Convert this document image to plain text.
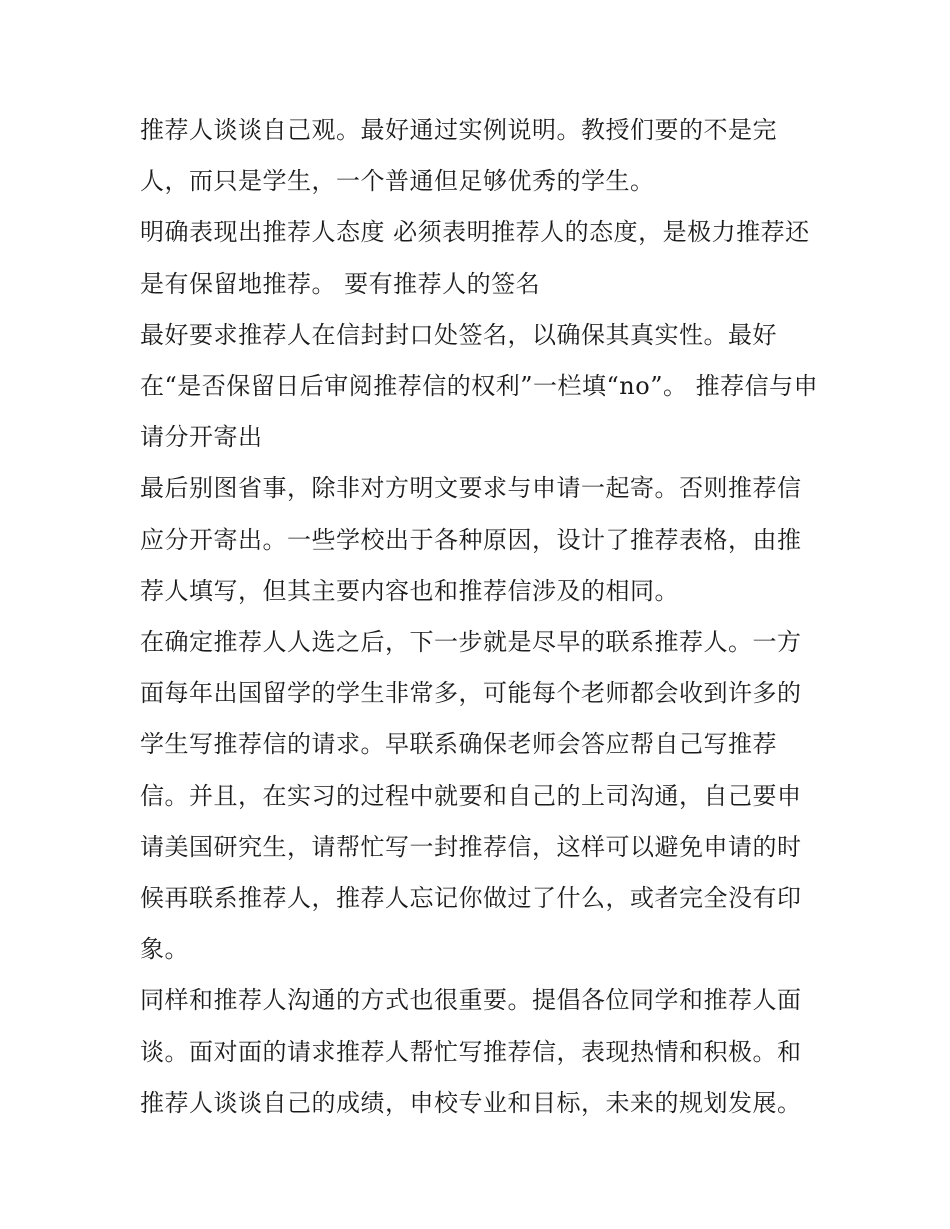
推荐人谈谈自己观。最好通过实例说明。教授们要的不是完人，而只是学生，一个普通但足够优秀的学生。

明确表现出推荐人态度 必须表明推荐人的态度，是极力推荐还是有保留地推荐。 要有推荐人的签名

最好要求推荐人在信封封口处签名，以确保其真实性。最好在“是否保留日后审阅推荐信的权利”一栏填“no”。 推荐信与申请分开寄出

最后别图省事，除非对方明文要求与申请一起寄。否则推荐信应分开寄出。一些学校出于各种原因，设计了推荐表格，由推荐人填写，但其主要内容也和推荐信涉及的相同。

在确定推荐人人选之后，下一步就是尽早的联系推荐人。一方面每年出国留学的学生非常多，可能每个老师都会收到许多的学生写推荐信的请求。早联系确保老师会答应帮自己写推荐信。并且，在实习的过程中就要和自己的上司沟通，自己要申请美国研究生，请帮忙写一封推荐信，这样可以避免申请的时候再联系推荐人，推荐人忘记你做过了什么，或者完全没有印象。

同样和推荐人沟通的方式也很重要。提倡各位同学和推荐人面谈。面对面的请求推荐人帮忙写推荐信，表现热情和积极。和推荐人谈谈自己的成绩，申校专业和目标，未来的规划发展。
